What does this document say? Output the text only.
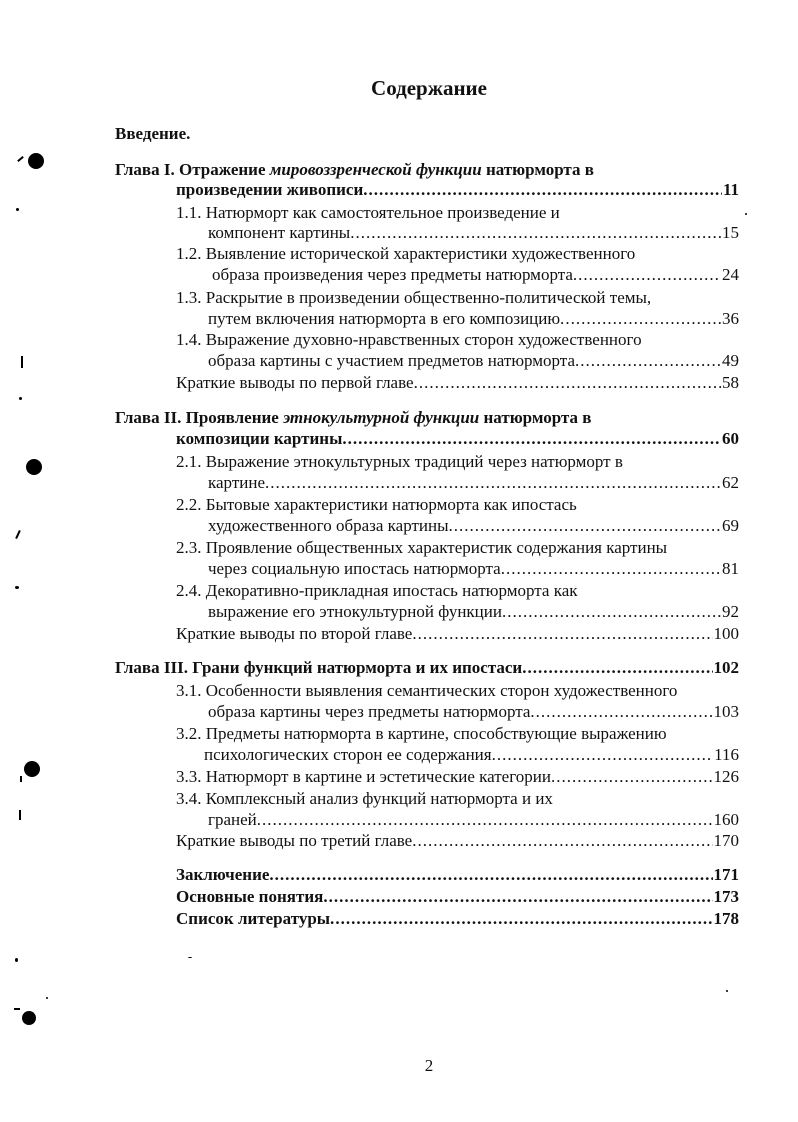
Содержание
Введение.
Глава I. Отражение мировоззренческой функции натюрморта в
произведении живописи. .....	11
1.1. Натюрморт как самостоятельное произведение и
компонент картины. .....	15
1.2. Выявление исторической характеристики художественного
образа произведения через предметы натюрморта. .....	24
1.3. Раскрытие в произведении общественно-политической темы,
путем включения натюрморта в его композицию. .....	36
1.4. Выражение духовно-нравственных сторон художественного
образа картины с участием предметов натюрморта. .....	49
Краткие выводы по первой главе. .....	58
Глава II. Проявление этнокультурной функции натюрморта в
композиции картины. .....	60
2.1. Выражение этнокультурных традиций через натюрморт в
картине. .....	62
2.2. Бытовые характеристики натюрморта как ипостась
художественного образа картины. .....	69
2.3. Проявление общественных характеристик содержания картины
через социальную ипостась натюрморта. .....	81
2.4. Декоративно-прикладная ипостась натюрморта как
выражение его этнокультурной функции. .....	92
Краткие выводы по второй главе. .....	100
Глава III. Грани функций натюрморта и их ипостаси. .....	102
3.1. Особенности выявления семантических сторон художественного
образа картины через предметы натюрморта. .....	103
3.2. Предметы натюрморта в картине, способствующие выражению
психологических сторон ее содержания. .....	116
3.3. Натюрморт в картине и эстетические категории. .....	126
3.4. Комплексный анализ функций натюрморта и их
граней. .....	160
Краткие выводы по третий главе. .....	170
Заключение. .....	171
Основные понятия. .....	173
Список литературы. .....	178
2
